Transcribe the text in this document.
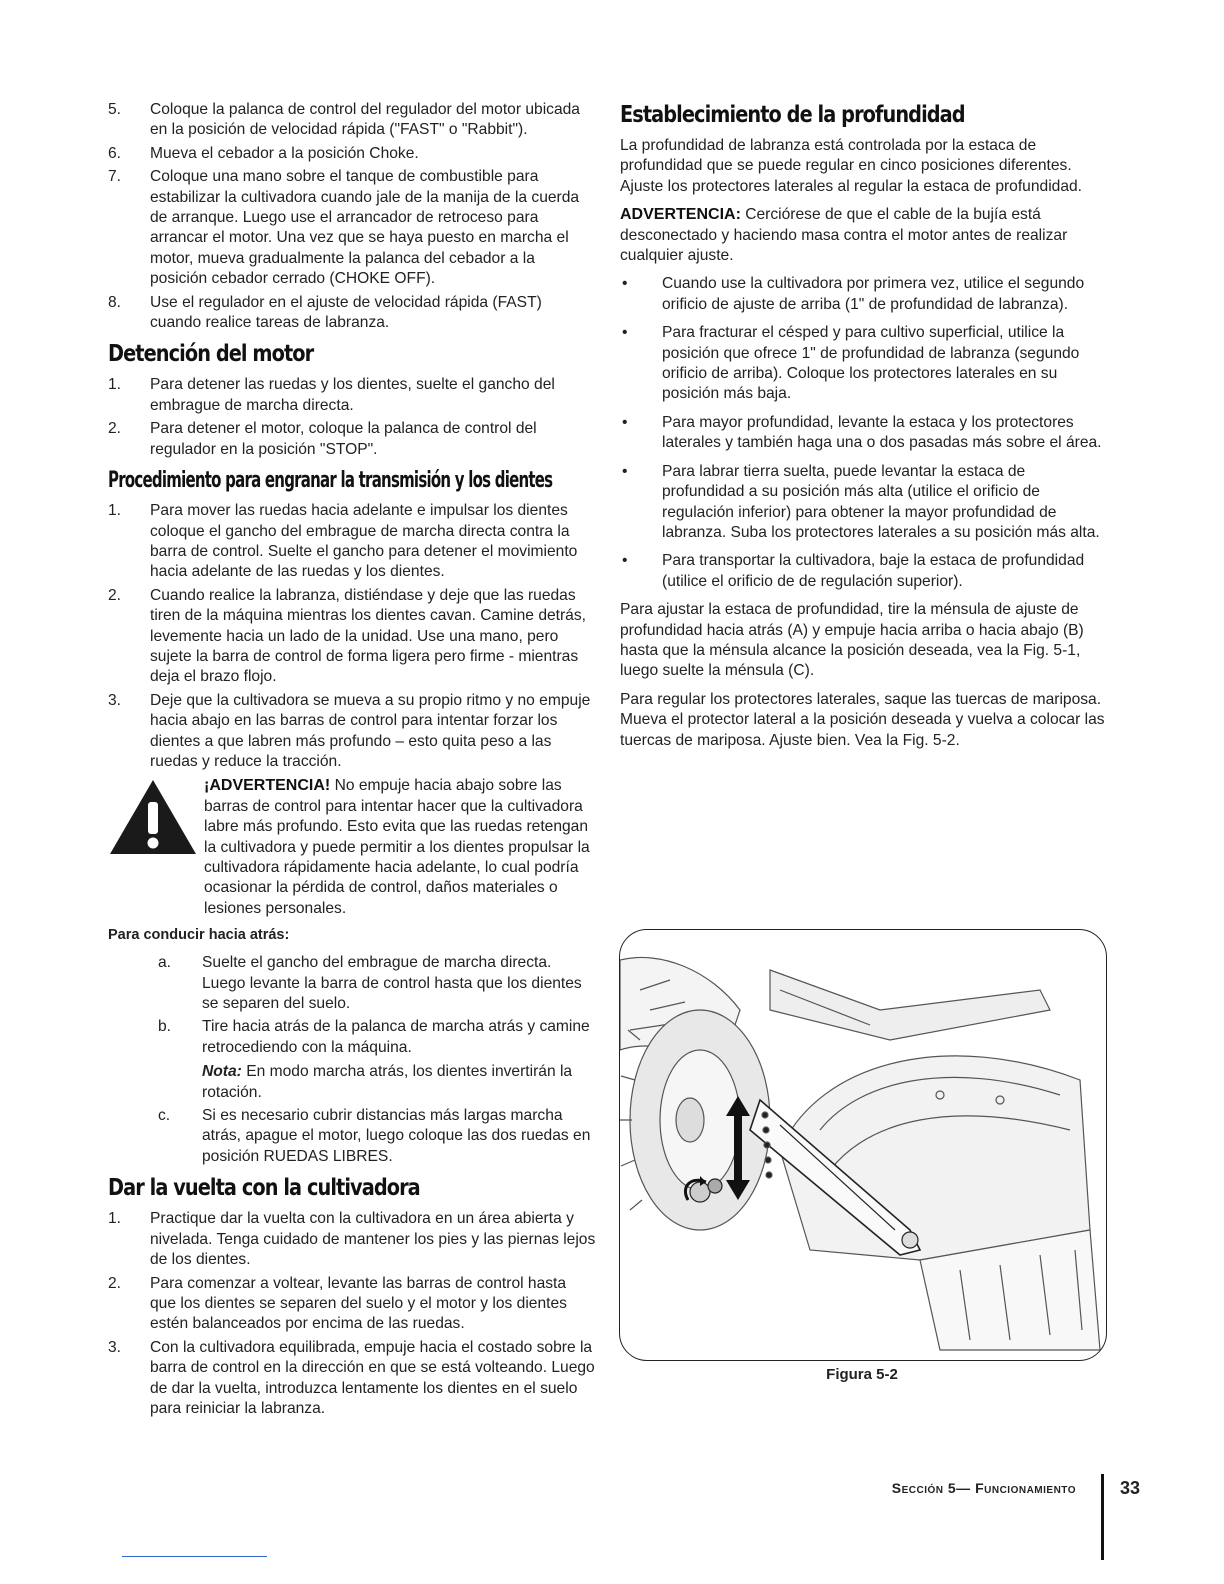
5. Coloque la palanca de control del regulador del motor ubicada en la posición de velocidad rápida ("FAST" o "Rabbit").
6. Mueva el cebador a la posición Choke.
7. Coloque una mano sobre el tanque de combustible para estabilizar la cultivadora cuando jale de la manija de la cuerda de arranque. Luego use el arrancador de retroceso para arrancar el motor. Una vez que se haya puesto en marcha el motor, mueva gradualmente la palanca del cebador a la posición cebador cerrado (CHOKE OFF).
8. Use el regulador en el ajuste de velocidad rápida (FAST) cuando realice tareas de labranza.
Detención del motor
1. Para detener las ruedas y los dientes, suelte el gancho del embrague de marcha directa.
2. Para detener el motor, coloque la palanca de control del regulador en la posición "STOP".
Procedimiento para engranar la transmisión y los dientes
1. Para mover las ruedas hacia adelante e impulsar los dientes coloque el gancho del embrague de marcha directa contra la barra de control. Suelte el gancho para detener el movimiento hacia adelante de las ruedas y los dientes.
2. Cuando realice la labranza, distiéndase y deje que las ruedas tiren de la máquina mientras los dientes cavan. Camine detrás, levemente hacia un lado de la unidad. Use una mano, pero sujete la barra de control de forma ligera pero firme - mientras deja el brazo flojo.
3. Deje que la cultivadora se mueva a su propio ritmo y no empuje hacia abajo en las barras de control para intentar forzar los dientes a que labren más profundo – esto quita peso a las ruedas y reduce la tracción.

¡ADVERTENCIA! No empuje hacia abajo sobre las barras de control para intentar hacer que la cultivadora labre más profundo. Esto evita que las ruedas retengan la cultivadora y puede permitir a los dientes propulsar la cultivadora rápidamente hacia adelante, lo cual podría ocasionar la pérdida de control, daños materiales o lesiones personales.

Para conducir hacia atrás:
a. Suelte el gancho del embrague de marcha directa. Luego levante la barra de control hasta que los dientes se separen del suelo.
b. Tire hacia atrás de la palanca de marcha atrás y camine retrocediendo con la máquina.
Nota: En modo marcha atrás, los dientes invertirán la rotación.
c. Si es necesario cubrir distancias más largas marcha atrás, apague el motor, luego coloque las dos ruedas en posición RUEDAS LIBRES.
Dar la vuelta con la cultivadora
1. Practique dar la vuelta con la cultivadora en un área abierta y nivelada. Tenga cuidado de mantener los pies y las piernas lejos de los dientes.
2. Para comenzar a voltear, levante las barras de control hasta que los dientes se separen del suelo y el motor y los dientes estén balanceados por encima de las ruedas.
3. Con la cultivadora equilibrada, empuje hacia el costado sobre la barra de control en la dirección en que se está volteando. Luego de dar la vuelta, introduzca lentamente los dientes en el suelo para reiniciar la labranza.
Establecimiento de la profundidad

La profundidad de labranza está controlada por la estaca de profundidad que se puede regular en cinco posiciones diferentes. Ajuste los protectores laterales al regular la estaca de profundidad.

ADVERTENCIA: Cerciórese de que el cable de la bujía está desconectado y haciendo masa contra el motor antes de realizar cualquier ajuste.

• Cuando use la cultivadora por primera vez, utilice el segundo orificio de ajuste de arriba (1" de profundidad de labranza).
• Para fracturar el césped y para cultivo superficial, utilice la posición que ofrece 1" de profundidad de labranza (segundo orificio de arriba). Coloque los protectores laterales en su posición más baja.
• Para mayor profundidad, levante la estaca y los protectores laterales y también haga una o dos pasadas más sobre el área.
• Para labrar tierra suelta, puede levantar la estaca de profundidad a su posición más alta (utilice el orificio de regulación inferior) para obtener la mayor profundidad de labranza. Suba los protectores laterales a su posición más alta.
• Para transportar la cultivadora, baje la estaca de profundidad (utilice el orificio de de regulación superior).

Para ajustar la estaca de profundidad, tire la ménsula de ajuste de profundidad hacia atrás (A) y empuje hacia arriba o hacia abajo (B) hasta que la ménsula alcance la posición deseada, vea la Fig. 5-1, luego suelte la ménsula (C).

Para regular los protectores laterales, saque las tuercas de mariposa. Mueva el protector lateral a la posición deseada y vuelva a colocar las tuercas de mariposa. Ajuste bien. Vea la Fig. 5-2.

Figura 5-2
Sección 5— Funcionamiento 33
